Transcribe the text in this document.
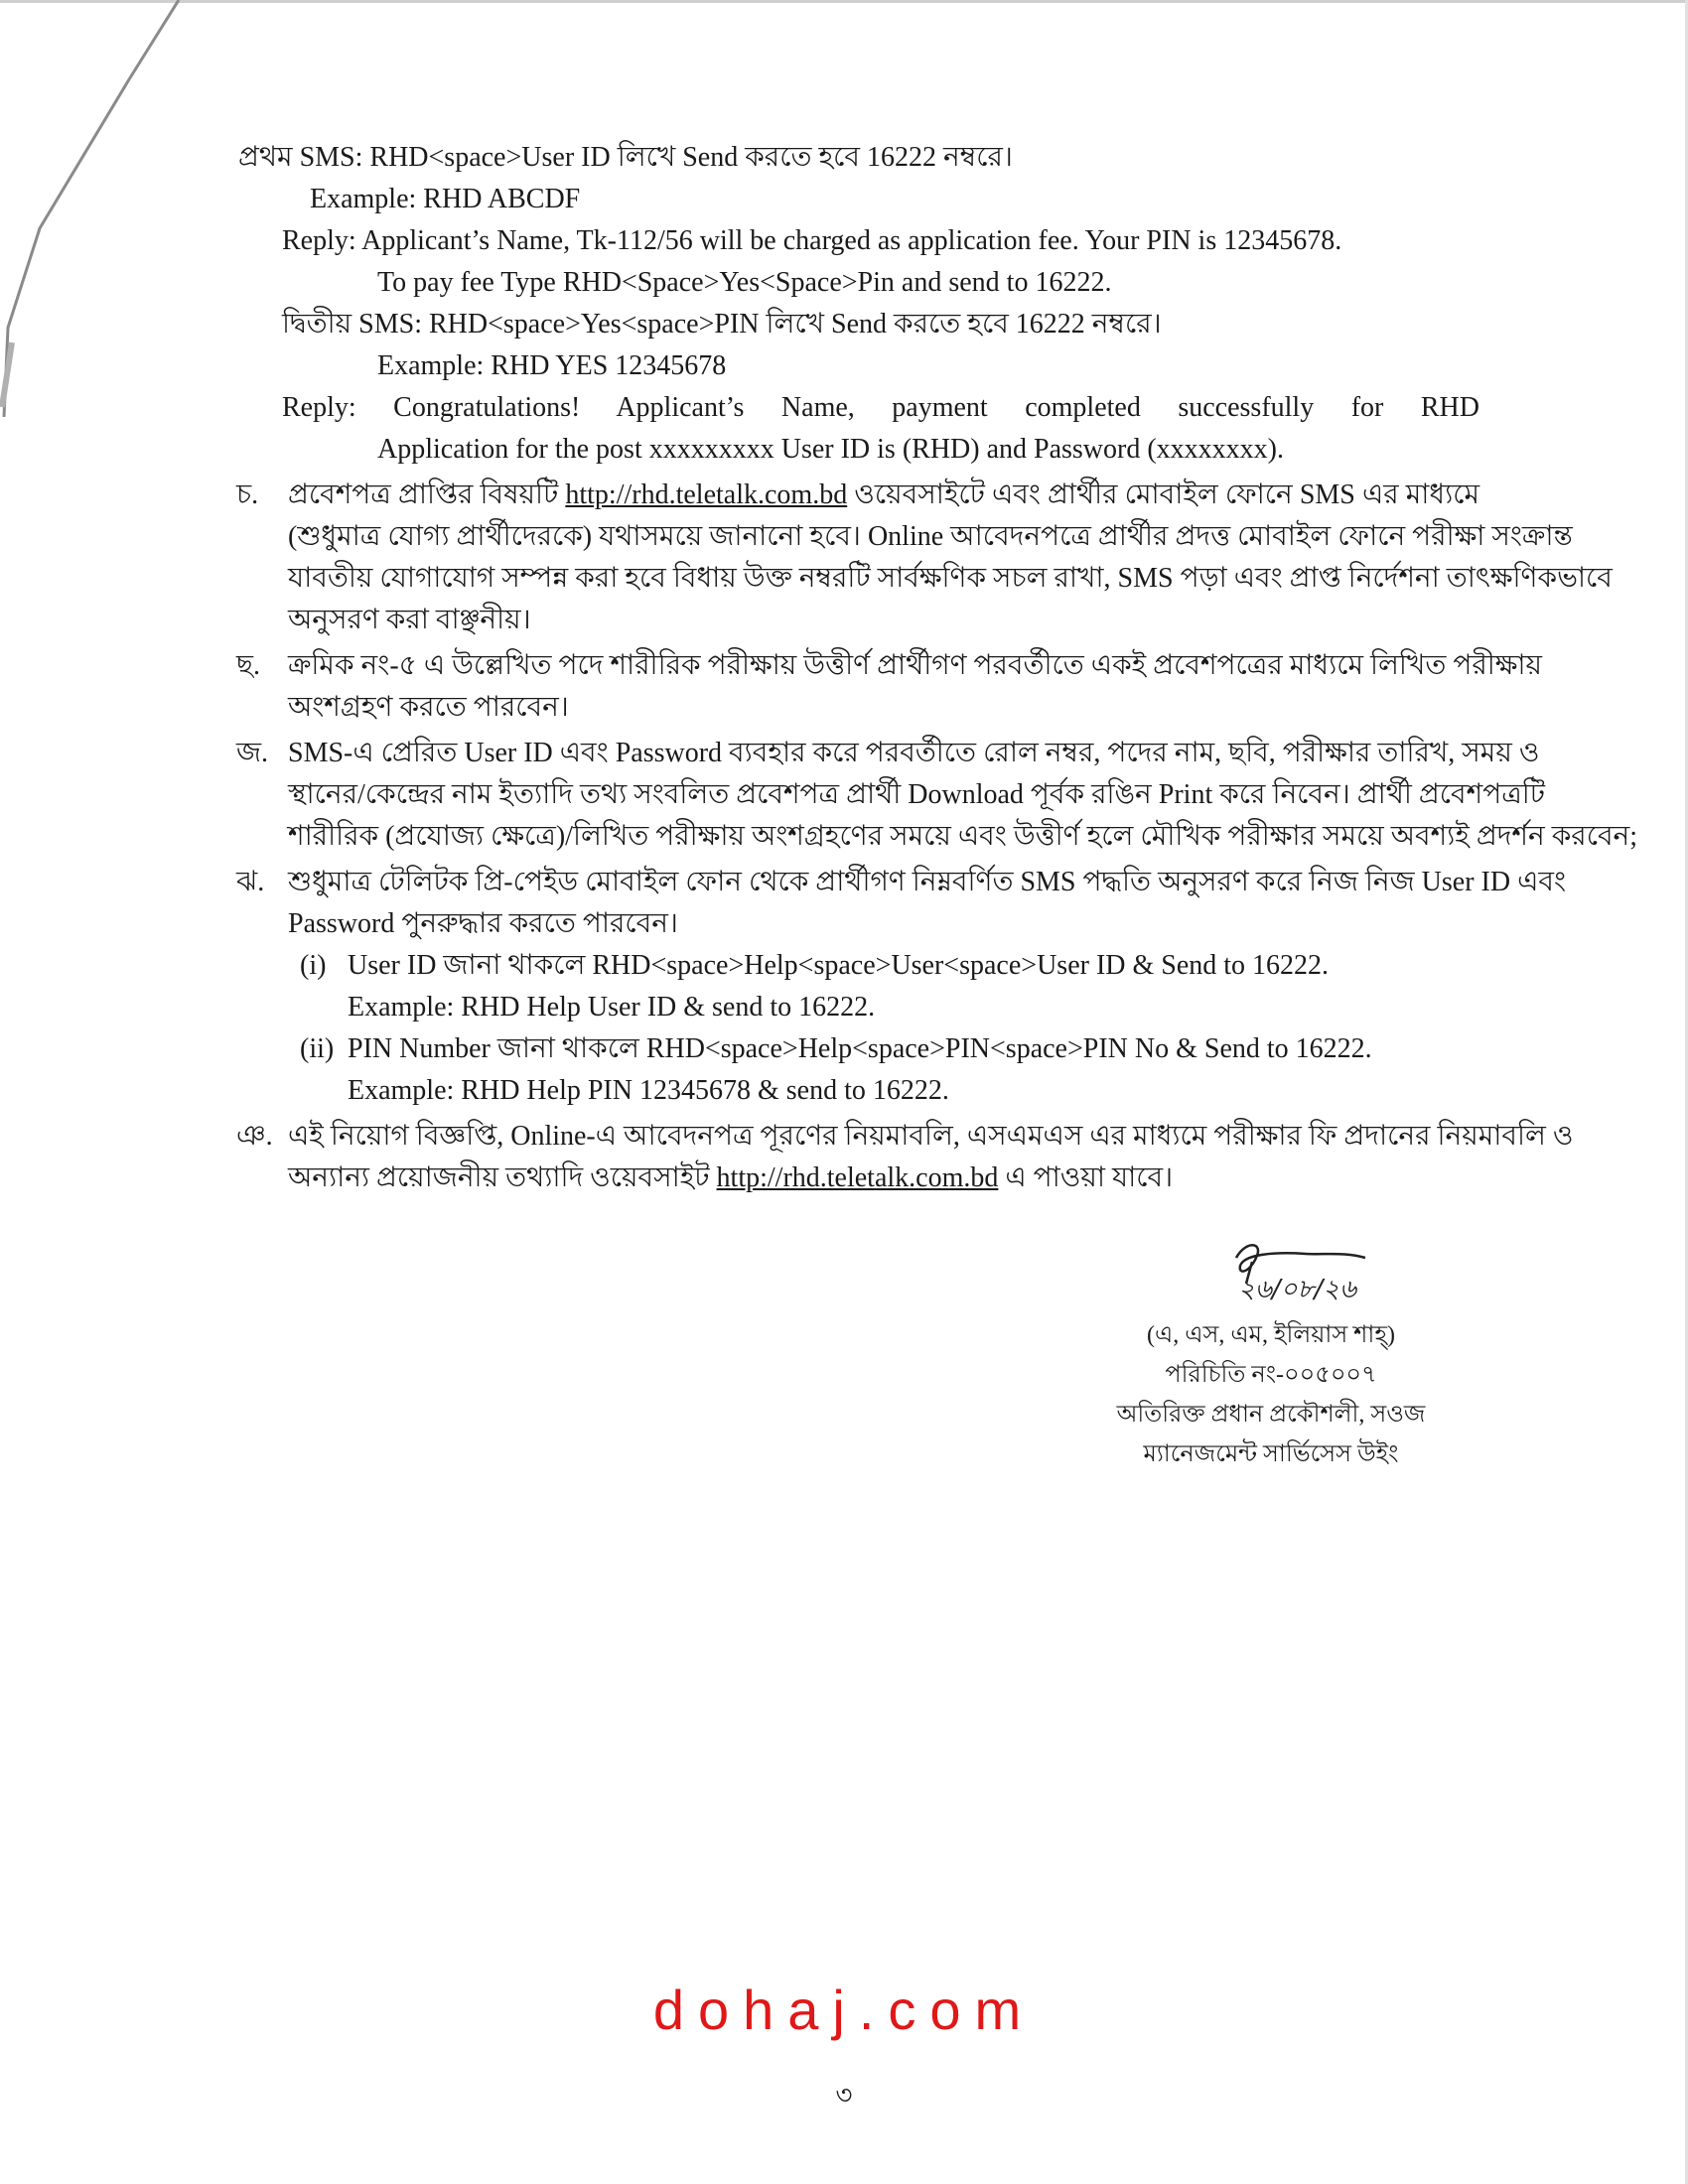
প্রথম SMS: RHD<space>User ID লিখে Send করতে হবে 16222 নম্বরে।
Example: RHD ABCDF
Reply: Applicant’s Name, Tk-112/56 will be charged as application fee. Your PIN is 12345678.
To pay fee Type RHD<Space>Yes<Space>Pin and send to 16222.
দ্বিতীয় SMS: RHD<space>Yes<space>PIN লিখে Send করতে হবে 16222 নম্বরে।
Example: RHD YES 12345678
Reply: Congratulations! Applicant’s Name, payment completed successfully for RHD
Application for the post xxxxxxxxx User ID is (RHD) and Password (xxxxxxxx).
চ.	প্রবেশপত্র প্রাপ্তির বিষয়টি http://rhd.teletalk.com.bd ওয়েবসাইটে এবং প্রার্থীর মোবাইল ফোনে SMS এর মাধ্যমে
(শুধুমাত্র যোগ্য প্রার্থীদেরকে) যথাসময়ে জানানো হবে। Online আবেদনপত্রে প্রার্থীর প্রদত্ত মোবাইল ফোনে পরীক্ষা সংক্রান্ত
যাবতীয় যোগাযোগ সম্পন্ন করা হবে বিধায় উক্ত নম্বরটি সার্বক্ষণিক সচল রাখা, SMS পড়া এবং প্রাপ্ত নির্দেশনা তাৎক্ষণিকভাবে
অনুসরণ করা বাঞ্ছনীয়।
ছ.	ক্রমিক নং-৫ এ উল্লেখিত পদে শারীরিক পরীক্ষায় উত্তীর্ণ প্রার্থীগণ পরবর্তীতে একই প্রবেশপত্রের মাধ্যমে লিখিত পরীক্ষায়
অংশগ্রহণ করতে পারবেন।
জ. SMS-এ প্রেরিত User ID এবং Password ব্যবহার করে পরবর্তীতে রোল নম্বর, পদের নাম, ছবি, পরীক্ষার তারিখ, সময় ও
স্থানের/কেন্দ্রের নাম ইত্যাদি তথ্য সংবলিত প্রবেশপত্র প্রার্থী Download পূর্বক রঙিন Print করে নিবেন। প্রার্থী প্রবেশপত্রটি
শারীরিক (প্রযোজ্য ক্ষেত্রে)/লিখিত পরীক্ষায় অংশগ্রহণের সময়ে এবং উত্তীর্ণ হলে মৌখিক পরীক্ষার সময়ে অবশ্যই প্রদর্শন করবেন;
ঝ. শুধুমাত্র টেলিটক প্রি-পেইড মোবাইল ফোন থেকে প্রার্থীগণ নিম্নবর্ণিত SMS পদ্ধতি অনুসরণ করে নিজ নিজ User ID এবং
Password পুনরুদ্ধার করতে পারবেন।
(i) User ID জানা থাকলে RHD<space>Help<space>User<space>User ID & Send to 16222.
Example: RHD Help User ID & send to 16222.
(ii) PIN Number জানা থাকলে RHD<space>Help<space>PIN<space>PIN No & Send to 16222.
Example: RHD Help PIN 12345678 & send to 16222.
ঞ. এই নিয়োগ বিজ্ঞপ্তি, Online-এ আবেদনপত্র পূরণের নিয়মাবলি, এসএমএস এর মাধ্যমে পরীক্ষার ফি প্রদানের নিয়মাবলি ও
অন্যান্য প্রয়োজনীয় তথ্যাদি ওয়েবসাইট http://rhd.teletalk.com.bd এ পাওয়া যাবে।
২৬/০৮/২৬
(এ, এস, এম, ইলিয়াস শাহ্)
পরিচিতি নং-০০৫০০৭
অতিরিক্ত প্রধান প্রকৌশলী, সওজ
ম্যানেজমেন্ট সার্ভিসেস উইং
dohaj.com
৩
